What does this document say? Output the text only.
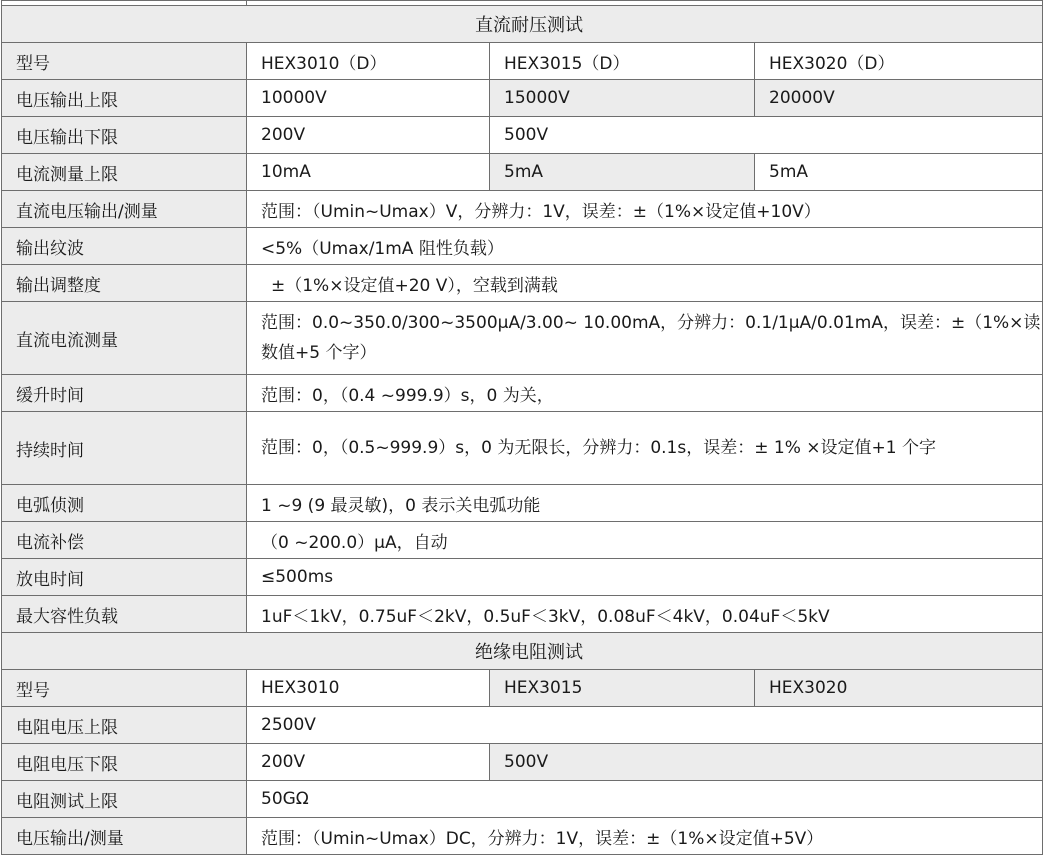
直流耐压测试			
型号	HEX3010（D）	HEX3015（D）	HEX3020（D）
电压输出上限	10000V	15000V	20000V
电压输出下限	200V	500V	
电流测量上限	10mA	5mA	5mA
直流电压输出/测量	范围：（Umin~Umax）V，分辨力：1V，误差：±（1%×设定值+10V）		
输出纹波	<5%（Umax/1mA 阻性负载）		
输出调整度	±（1%×设定值+20 V），空载到满载		
直流电流测量	范围：0.0~350.0/300~3500μA/3.00~ 10.00mA，分辨力：0.1/1μA/0.01mA，误差：±（1%×读数值+5 个字）		
缓升时间	范围：0，（0.4 ~999.9）s，0 为关，		
持续时间	范围：0，（0.5~999.9）s，0 为无限长，分辨力：0.1s，误差：± 1% ×设定值+1 个字		
电弧侦测	1 ~9 (9 最灵敏)，0 表示关电弧功能		
电流补偿	（0 ~200.0）μA，自动		
放电时间	≤500ms		
最大容性负载	1uF＜1kV，0.75uF＜2kV，0.5uF＜3kV，0.08uF＜4kV，0.04uF＜5kV		
绝缘电阻测试			
型号	HEX3010	HEX3015	HEX3020
电阻电压上限	2500V		
电阻电压下限	200V	500V	
电阻测试上限	50GΩ		
电压输出/测量	范围：（Umin~Umax）DC，分辨力：1V，误差：±（1%×设定值+5V）		
